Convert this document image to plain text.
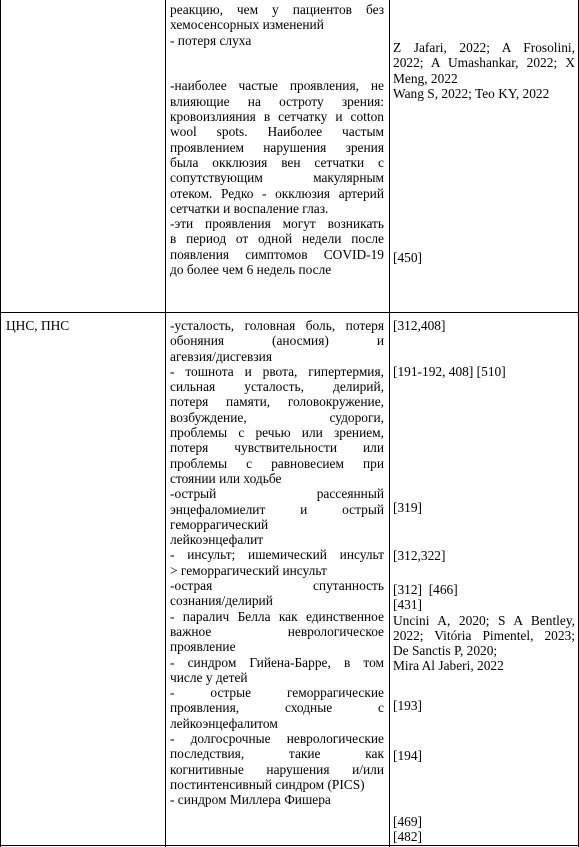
реакцию, чем у пациентов без
хемосенсорных изменений
- потеря слуха
-наиболее частые проявления, не
влияющие на остроту зрения:
кровоизлияния в сетчатку и cotton
wool spots. Наиболее частым
проявлением нарушения зрения
была окклюзия вен сетчатки с
сопутствующим макулярным
отеком. Редко - окклюзия артерий
сетчатки и воспаление глаз.
-эти проявления могут возникать
в период от одной недели после
появления симптомов COVID-19
до более чем 6 недель после
Z Jafari, 2022; A Frosolini,
2022; A Umashankar, 2022; X
Meng, 2022
Wang S, 2022; Teo KY, 2022
[450]
ЦНС, ПНС	-усталость, головная боль, потеря
обоняния (аносмия) и
агевзия/дисгевзия
- тошнота и рвота, гипертермия,
сильная усталость, делирий,
потеря памяти, головокружение,
возбуждение, судороги,
проблемы с речью или зрением,
потеря чувствительности или
проблемы с равновесием при
стоянии или ходьбе
-острый рассеянный
энцефаломиелит и острый
геморрагический
лейкоэнцефалит
- инсульт; ишемический инсульт
> геморрагический инсульт
-острая спутанность
сознания/делирий
- паралич Белла как единственное
важное неврологическое
проявление
- синдром Гийена-Барре, в том
числе у детей
- острые геморрагические
проявления, сходные с
лейкоэнцефалитом
- долгосрочные неврологические
последствия, такие как
когнитивные нарушения и/или
постинтенсивный синдром (PICS)
- синдром Миллера Фишера
[312,408]
[191-192, 408] [510]
[319]
[312,322]
[312]  [466]
[431]
Uncini A, 2020; S A Bentley,
2022; Vitória Pimentel, 2023;
De Sanctis P, 2020;
Mira Al Jaberi, 2022
[193]
[194]
[469]
[482]
